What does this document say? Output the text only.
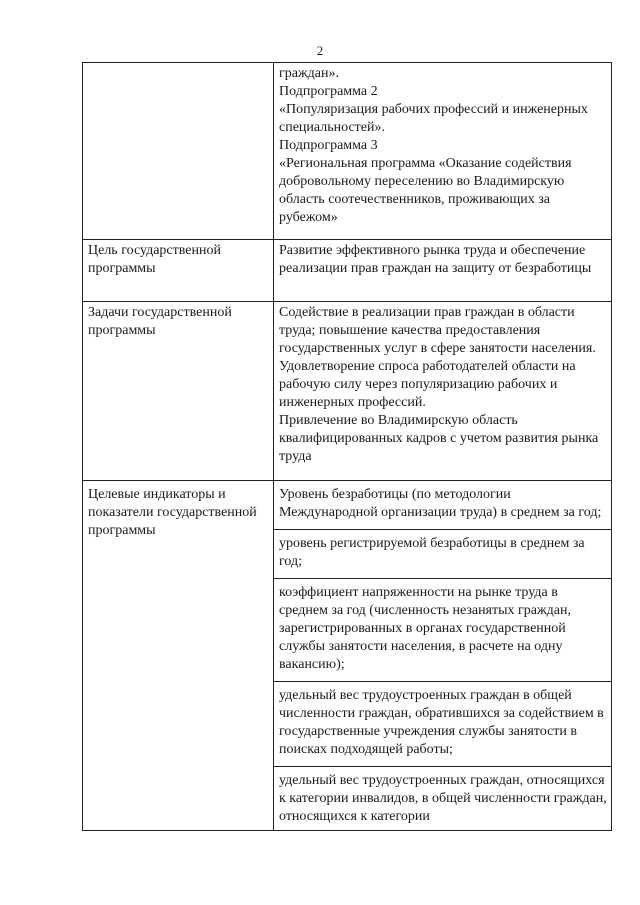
2

	граждан».
Подпрограмма 2
«Популяризация рабочих профессий и инженерных специальностей».
Подпрограмма 3
«Региональная программа «Оказание содействия добровольному переселению во Владимирскую область соотечественников, проживающих за рубежом»

Цель государственной программы	Развитие эффективного рынка труда и обеспечение реализации прав граждан на защиту от безработицы
Задачи государственной программы	Содействие в реализации прав граждан в области труда; повышение качества предоставления государственных услуг в сфере занятости населения.
Удовлетворение спроса работодателей области на рабочую силу через популяризацию рабочих и инженерных профессий.
Привлечение во Владимирскую область квалифицированных кадров с учетом развития рынка труда

Целевые индикаторы и показатели государственной программы	Уровень безработицы (по методологии Международной организации труда) в среднем за год;
уровень регистрируемой безработицы в среднем за год;
коэффициент напряженности на рынке труда в среднем за год (численность незанятых граждан, зарегистрированных в органах государственной службы занятости населения, в расчете на одну вакансию);
удельный вес трудоустроенных граждан в общей численности граждан, обратившихся за содействием в государственные учреждения службы занятости в поисках подходящей работы;
удельный вес трудоустроенных граждан, относящихся к категории инвалидов, в общей численности граждан, относящихся к категории
